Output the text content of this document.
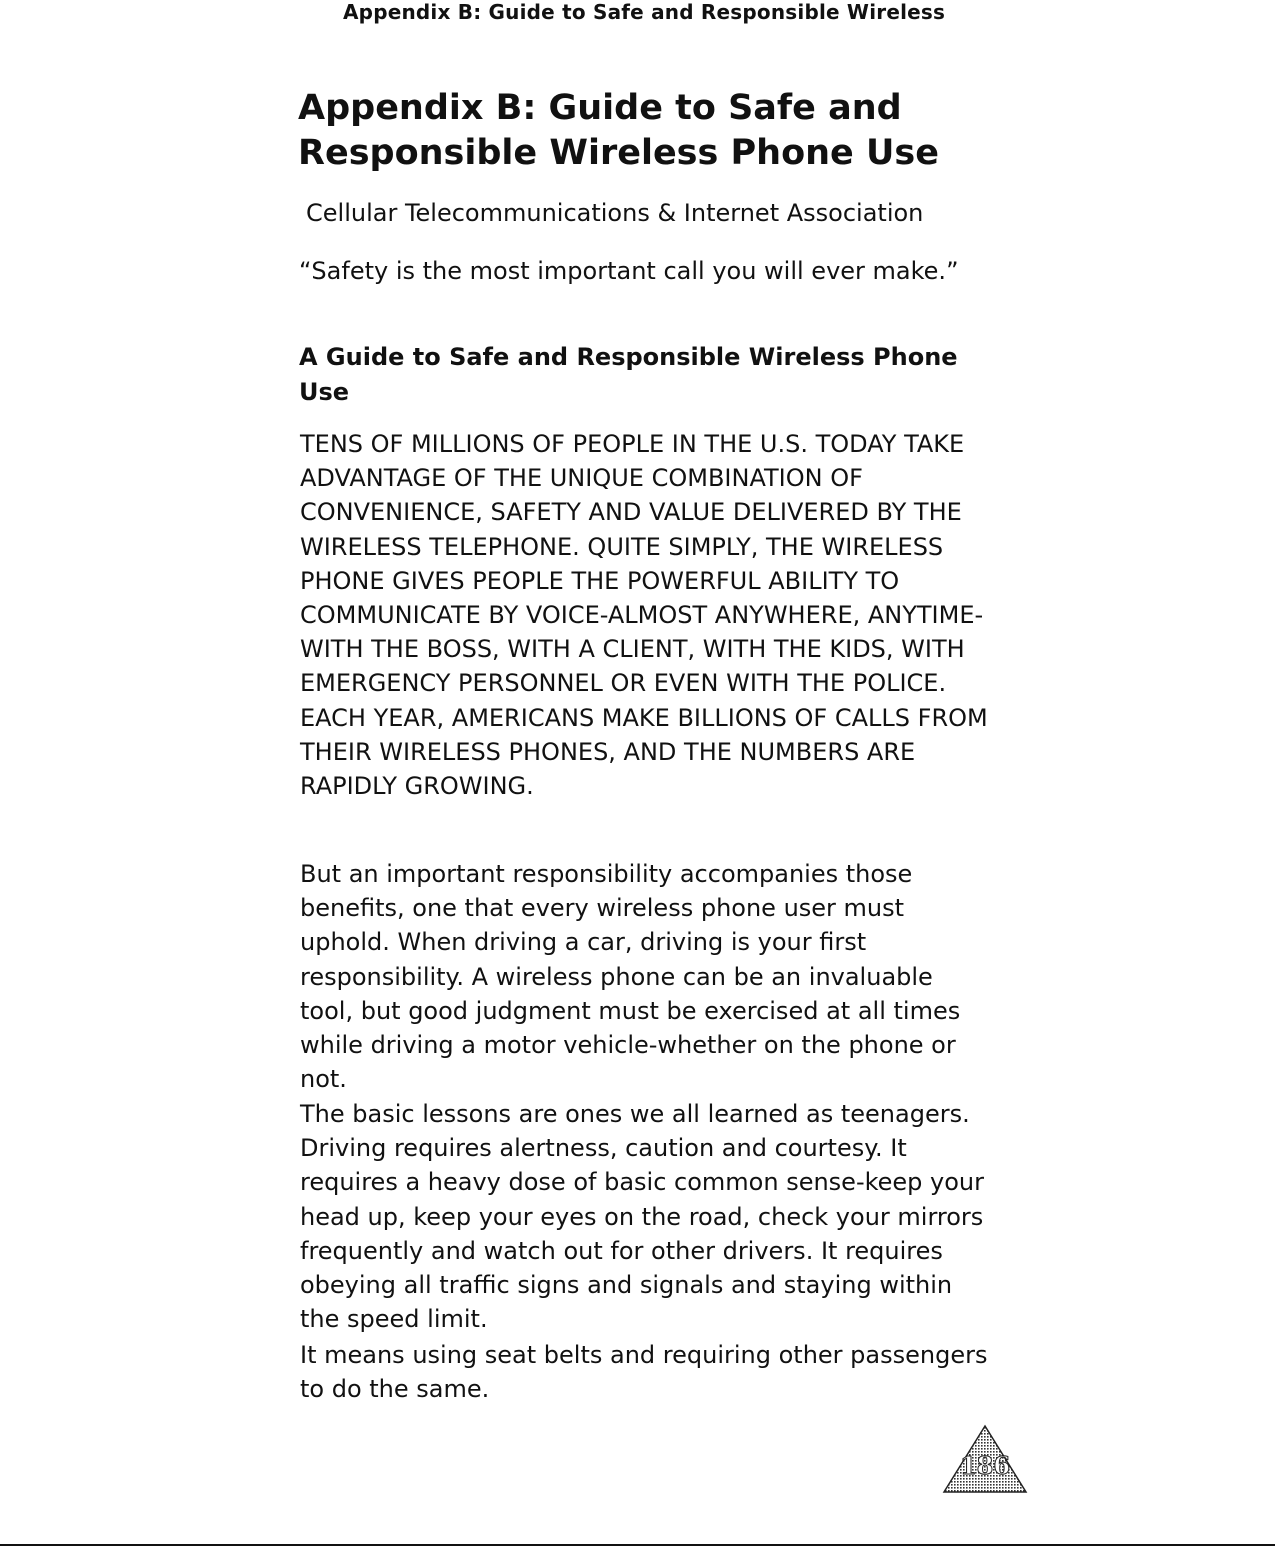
Appendix B: Guide to Safe and Responsible Wireless
Appendix B: Guide to Safe and Responsible Wireless Phone Use
Cellular Telecommunications & Internet Association
“Safety is the most important call you will ever make.”
A Guide to Safe and Responsible Wireless Phone Use

TENS OF MILLIONS OF PEOPLE IN THE U.S. TODAY TAKE ADVANTAGE OF THE UNIQUE COMBINATION OF CONVENIENCE, SAFETY AND VALUE DELIVERED BY THE WIRELESS TELEPHONE. QUITE SIMPLY, THE WIRELESS PHONE GIVES PEOPLE THE POWERFUL ABILITY TO COMMUNICATE BY VOICE-ALMOST ANYWHERE, ANYTIME-WITH THE BOSS, WITH A CLIENT, WITH THE KIDS, WITH EMERGENCY PERSONNEL OR EVEN WITH THE POLICE. EACH YEAR, AMERICANS MAKE BILLIONS OF CALLS FROM THEIR WIRELESS PHONES, AND THE NUMBERS ARE RAPIDLY GROWING.

But an important responsibility accompanies those benefits, one that every wireless phone user must uphold. When driving a car, driving is your first responsibility. A wireless phone can be an invaluable tool, but good judgment must be exercised at all times while driving a motor vehicle-whether on the phone or not.

The basic lessons are ones we all learned as teenagers. Driving requires alertness, caution and courtesy. It requires a heavy dose of basic common sense-keep your head up, keep your eyes on the road, check your mirrors frequently and watch out for other drivers. It requires obeying all traffic signs and signals and staying within the speed limit.

It means using seat belts and requiring other passengers to do the same.

186
